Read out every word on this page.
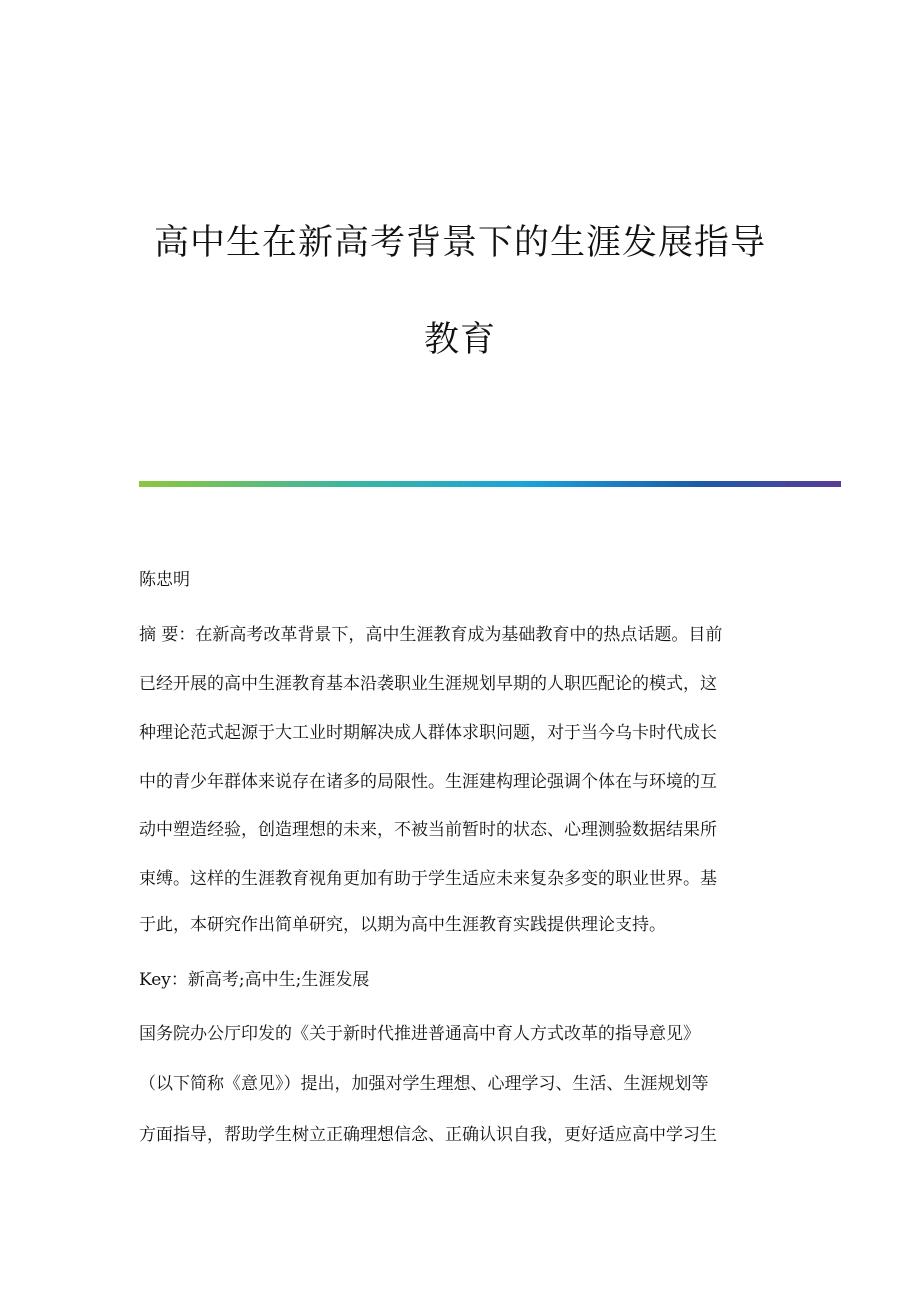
高中生在新高考背景下的生涯发展指导
教育
陈忠明
摘 要：在新高考改革背景下，高中生涯教育成为基础教育中的热点话题。目前
已经开展的高中生涯教育基本沿袭职业生涯规划早期的人职匹配论的模式，这
种理论范式起源于大工业时期解决成人群体求职问题，对于当今乌卡时代成长
中的青少年群体来说存在诸多的局限性。生涯建构理论强调个体在与环境的互
动中塑造经验，创造理想的未来，不被当前暂时的状态、心理测验数据结果所
束缚。这样的生涯教育视角更加有助于学生适应未来复杂多变的职业世界。基
于此，本研究作出简单研究，以期为高中生涯教育实践提供理论支持。
Key：新高考;高中生;生涯发展
国务院办公厅印发的《关于新时代推进普通高中育人方式改革的指导意见》
（以下简称《意见》）提出，加强对学生理想、心理学习、生活、生涯规划等
方面指导，帮助学生树立正确理想信念、正确认识自我，更好适应高中学习生
